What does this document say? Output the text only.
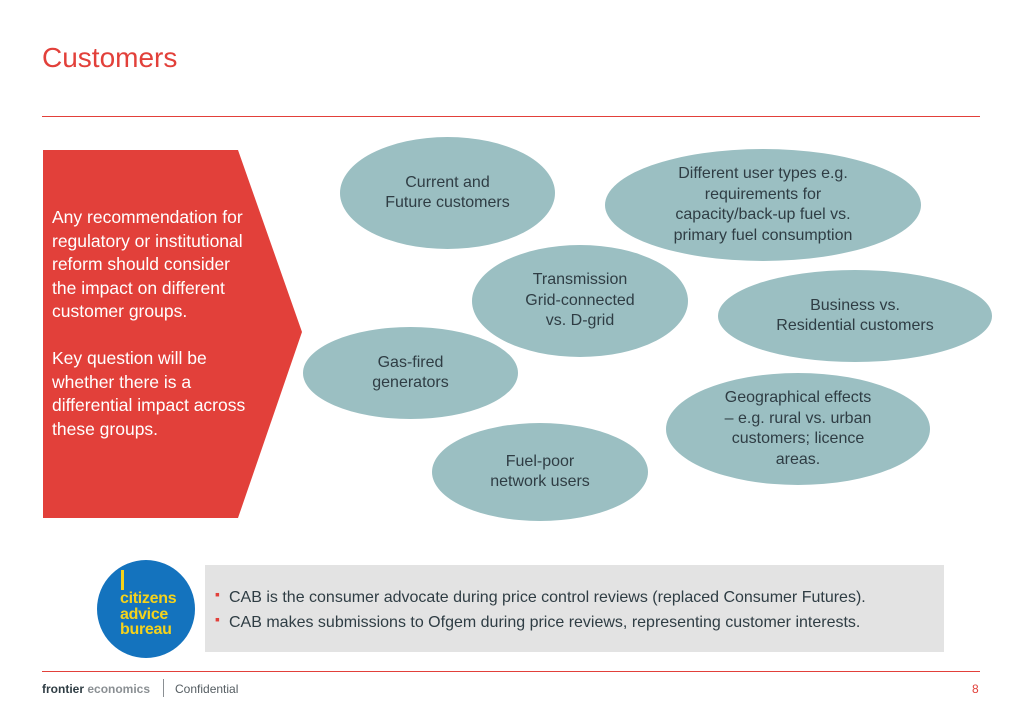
Customers

Any recommendation for regulatory or institutional reform should consider the impact on different customer groups.

Key question will be whether there is a differential impact across these groups.

Current and
Future customers
Different user types e.g.
requirements for
capacity/back-up fuel vs.
primary fuel consumption
Transmission
Grid-connected
vs. D-grid
Business vs.
Residential customers
Gas-fired
generators
Geographical effects
– e.g. rural vs. urban
customers; licence
areas.
Fuel-poor
network users
citizens
advice
bureau
▪ CAB is the consumer advocate during price control reviews (replaced Consumer Futures).
▪ CAB makes submissions to Ofgem during price reviews, representing customer interests.
frontier economics Confidential	8
